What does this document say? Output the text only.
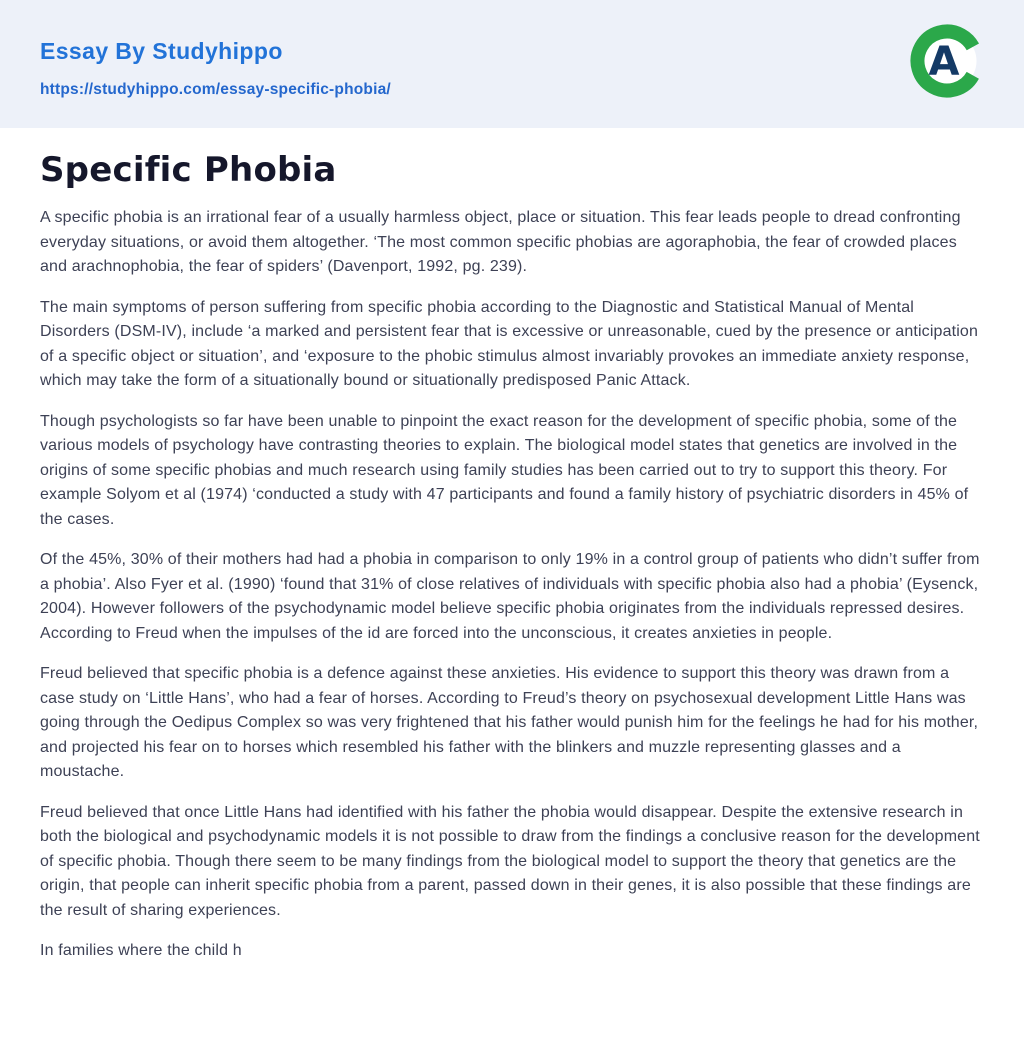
Essay By Studyhippo
https://studyhippo.com/essay-specific-phobia/
A
Specific Phobia

A specific phobia is an irrational fear of a usually harmless object, place or situation. This fear leads people to dread confronting everyday situations, or avoid them altogether. ‘The most common specific phobias are agoraphobia, the fear of crowded places and arachnophobia, the fear of spiders’ (Davenport, 1992, pg. 239).

The main symptoms of person suffering from specific phobia according to the Diagnostic and Statistical Manual of Mental Disorders (DSM-IV), include ‘a marked and persistent fear that is excessive or unreasonable, cued by the presence or anticipation of a specific object or situation’, and ‘exposure to the phobic stimulus almost invariably provokes an immediate anxiety response, which may take the form of a situationally bound or situationally predisposed Panic Attack.

Though psychologists so far have been unable to pinpoint the exact reason for the development of specific phobia, some of the various models of psychology have contrasting theories to explain. The biological model states that genetics are involved in the origins of some specific phobias and much research using family studies has been carried out to try to support this theory. For example Solyom et al (1974) ‘conducted a study with 47 participants and found a family history of psychiatric disorders in 45% of the cases.

Of the 45%, 30% of their mothers had had a phobia in comparison to only 19% in a control group of patients who didn’t suffer from a phobia’. Also Fyer et al. (1990) ‘found that 31% of close relatives of individuals with specific phobia also had a phobia’ (Eysenck, 2004). However followers of the psychodynamic model believe specific phobia originates from the individuals repressed desires. According to Freud when the impulses of the id are forced into the unconscious, it creates anxieties in people.

Freud believed that specific phobia is a defence against these anxieties. His evidence to support this theory was drawn from a case study on ‘Little Hans’, who had a fear of horses. According to Freud’s theory on psychosexual development Little Hans was going through the Oedipus Complex so was very frightened that his father would punish him for the feelings he had for his mother, and projected his fear on to horses which resembled his father with the blinkers and muzzle representing glasses and a moustache.

Freud believed that once Little Hans had identified with his father the phobia would disappear. Despite the extensive research in both the biological and psychodynamic models it is not possible to draw from the findings a conclusive reason for the development of specific phobia. Though there seem to be many findings from the biological model to support the theory that genetics are the origin, that people can inherit specific phobia from a parent, passed down in their genes, it is also possible that these findings are the result of sharing experiences.

In families where the child h
